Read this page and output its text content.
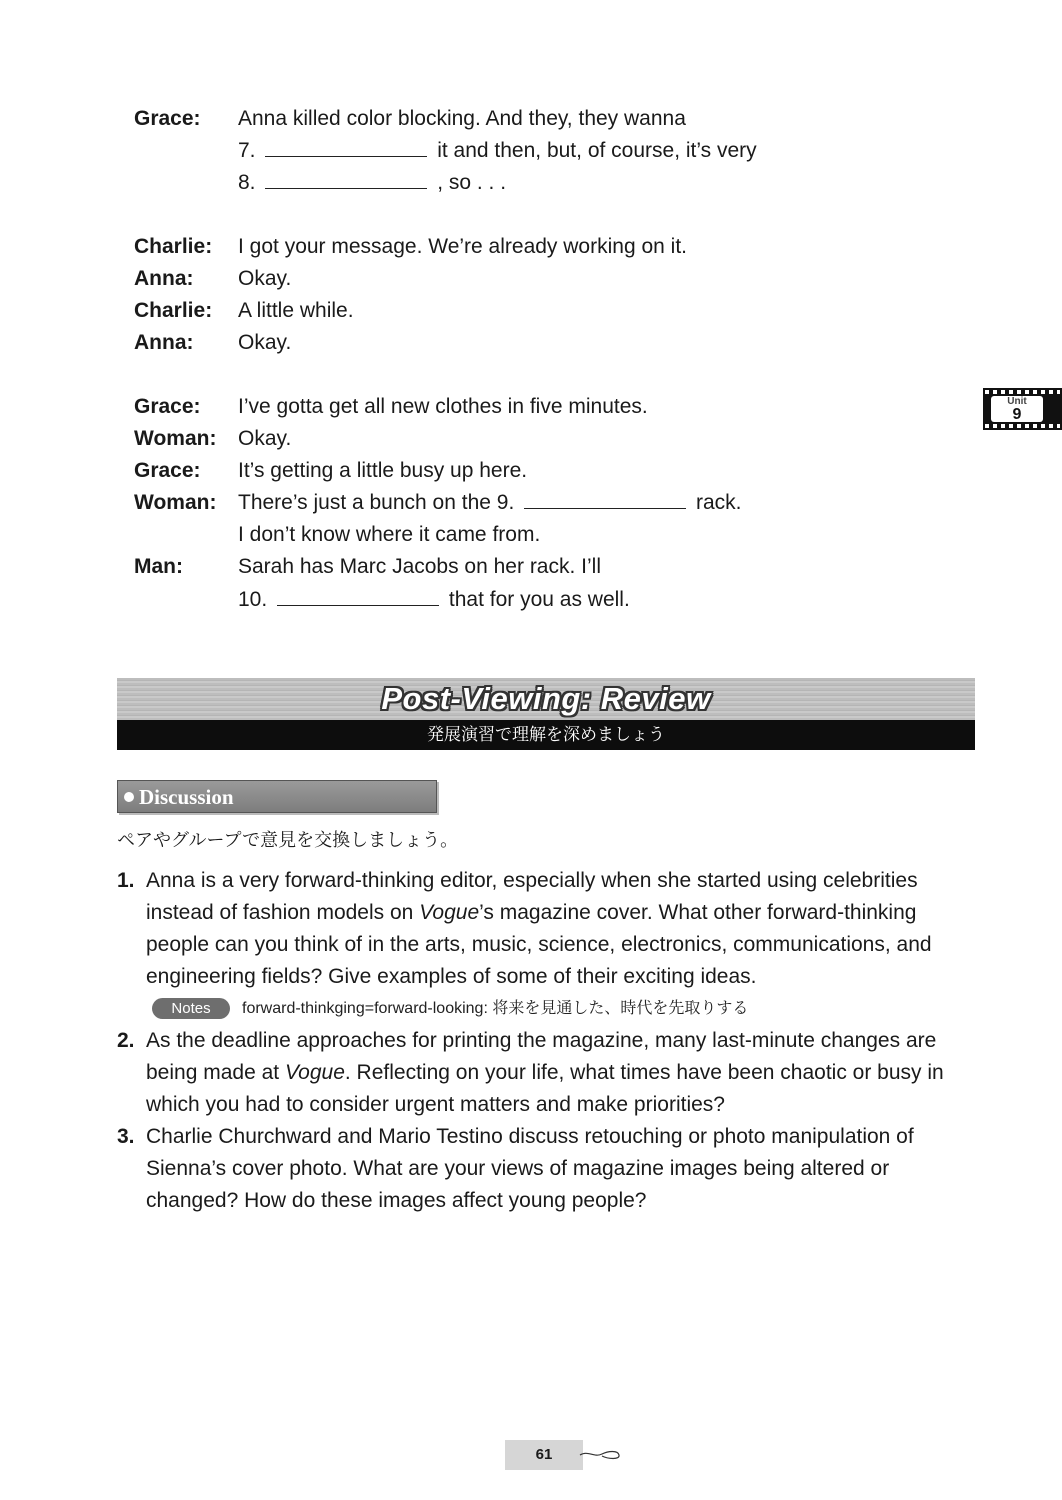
Grace: Anna killed color blocking. And they, they wanna
7.	it and then, but, of course, it’s very
8.	, so . . .
Charlie: I got your message. We’re already working on it.
Anna: Okay.
Charlie: A little while.
Anna: Okay.
Grace: I’ve gotta get all new clothes in five minutes.
Woman: Okay.
Grace: It’s getting a little busy up here.
Woman: There’s just a bunch on the 9.	rack.
I don’t know where it came from.
Man:	Sarah has Marc Jacobs on her rack. I’ll
10.	that for you as well.
Unit
9
Post-Viewing: Review
発展演習で理解を深めましょう
Discussion
ペアやグループで意見を交換しましょう。
1. Anna is a very forward-thinking editor, especially when she started using celebrities
instead of fashion models on Vogue’s magazine cover. What other forward-thinking
people can you think of in the arts, music, science, electronics, communications, and
engineering fields? Give examples of some of their exciting ideas.
Notes	forward-thinkging=forward-looking: 将来を見通した、時代を先取りする
2. As the deadline approaches for printing the magazine, many last-minute changes are
being made at Vogue. Reflecting on your life, what times have been chaotic or busy in
which you had to consider urgent matters and make priorities?
3. Charlie Churchward and Mario Testino discuss retouching or photo manipulation of
Sienna’s cover photo. What are your views of magazine images being altered or
changed? How do these images affect young people?
61
